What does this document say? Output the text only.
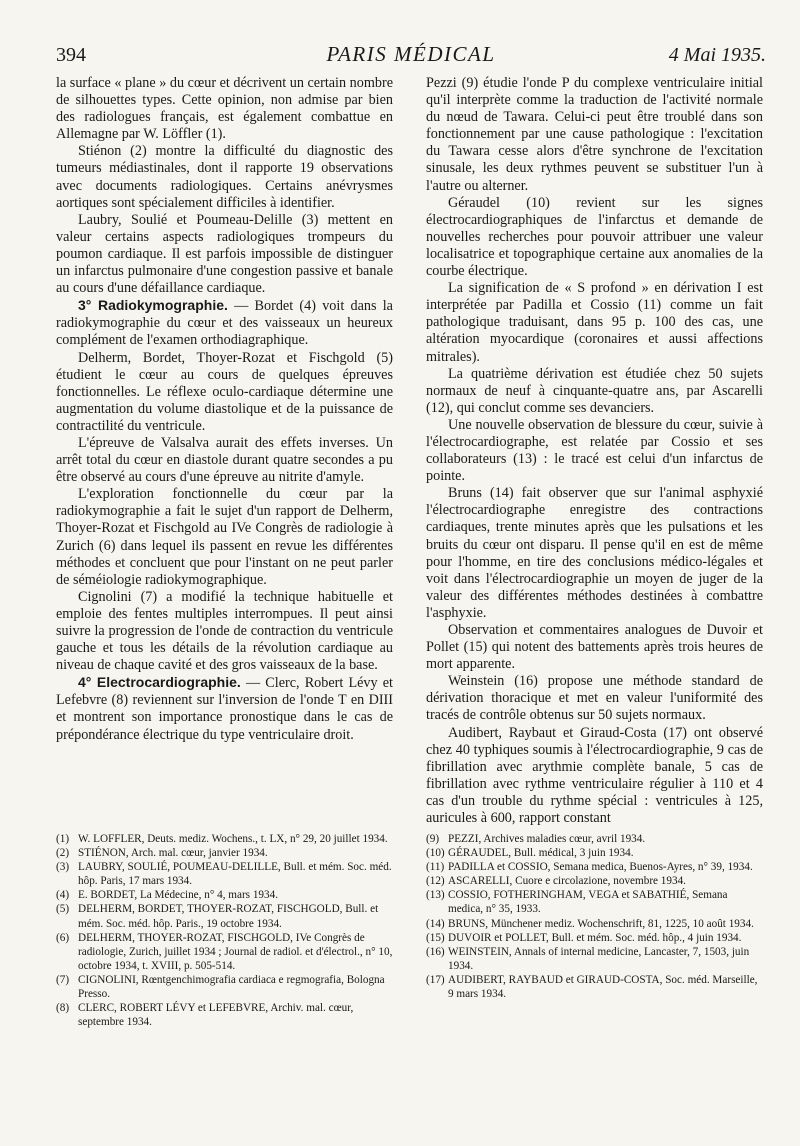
394	PARIS MÉDICAL	4 Mai 1935.

la surface « plane » du cœur et décrivent un certain nombre de silhouettes types. Cette opinion, non admise par bien des radiologues français, est également combattue en Allemagne par W. Löffler (1).

Stiénon (2) montre la difficulté du diagnostic des tumeurs médiastinales, dont il rapporte 19 observations avec documents radiologiques. Certains anévrysmes aortiques sont spécialement difficiles à identifier.

Laubry, Soulié et Poumeau-Delille (3) mettent en valeur certains aspects radiologiques trompeurs du poumon cardiaque. Il est parfois impossible de distinguer un infarctus pulmonaire d'une congestion passive et banale au cours d'une défaillance cardiaque.

3° Radiokymographie. — Bordet (4) voit dans la radiokymographie du cœur et des vaisseaux un heureux complément de l'examen orthodiagraphique.

Delherm, Bordet, Thoyer-Rozat et Fischgold (5) étudient le cœur au cours de quelques épreuves fonctionnelles. Le réflexe oculo-cardiaque détermine une augmentation du volume diastolique et de la puissance de contractilité du ventricule.

L'épreuve de Valsalva aurait des effets inverses. Un arrêt total du cœur en diastole durant quatre secondes a pu être observé au cours d'une épreuve au nitrite d'amyle.

L'exploration fonctionnelle du cœur par la radiokymographie a fait le sujet d'un rapport de Delherm, Thoyer-Rozat et Fischgold au IVe Congrès de radiologie à Zurich (6) dans lequel ils passent en revue les différentes méthodes et concluent que pour l'instant on ne peut parler de séméiologie radiokymographique.

Cignolini (7) a modifié la technique habituelle et emploie des fentes multiples interrompues. Il peut ainsi suivre la progression de l'onde de contraction du ventricule gauche et tous les détails de la révolution cardiaque au niveau de chaque cavité et des gros vaisseaux de la base.

4° Electrocardiographie. — Clerc, Robert Lévy et Lefebvre (8) reviennent sur l'inversion de l'onde T en DIII et montrent son importance pronostique dans le cas de prépondérance électrique du type ventriculaire droit.

Pezzi (9) étudie l'onde P du complexe ventriculaire initial qu'il interprète comme la traduction de l'activité normale du nœud de Tawara. Celui-ci peut être troublé dans son fonctionnement par une cause pathologique : l'excitation du Tawara cesse alors d'être synchrone de l'excitation sinusale, les deux rythmes peuvent se substituer l'un à l'autre ou alterner.

Géraudel (10) revient sur les signes électrocardiographiques de l'infarctus et demande de nouvelles recherches pour pouvoir attribuer une valeur localisatrice et topographique certaine aux anomalies de la courbe électrique.

La signification de « S profond » en dérivation I est interprétée par Padilla et Cossio (11) comme un fait pathologique traduisant, dans 95 p. 100 des cas, une altération myocardique (coronaires et aussi affections mitrales).

La quatrième dérivation est étudiée chez 50 sujets normaux de neuf à cinquante-quatre ans, par Ascarelli (12), qui conclut comme ses devanciers.

Une nouvelle observation de blessure du cœur, suivie à l'électrocardiographe, est relatée par Cossio et ses collaborateurs (13) : le tracé est celui d'un infarctus de pointe.

Bruns (14) fait observer que sur l'animal asphyxié l'électrocardiographe enregistre des contractions cardiaques, trente minutes après que les pulsations et les bruits du cœur ont disparu. Il pense qu'il en est de même pour l'homme, en tire des conclusions médico-légales et voit dans l'électrocardiographie un moyen de juger de la valeur des différentes méthodes destinées à combattre l'asphyxie.

Observation et commentaires analogues de Duvoir et Pollet (15) qui notent des battements après trois heures de mort apparente.

Weinstein (16) propose une méthode standard de dérivation thoracique et met en valeur l'uniformité des tracés de contrôle obtenus sur 50 sujets normaux.

Audibert, Raybaut et Giraud-Costa (17) ont observé chez 40 typhiques soumis à l'électrocardiographie, 9 cas de fibrillation avec arythmie complète banale, 5 cas de fibrillation avec rythme ventriculaire régulier à 110 et 4 cas d'un trouble du rythme spécial : ventricules à 125, auricules à 600, rapport constant

(1) W. LOFFLER, Deuts. mediz. Wochens., t. LX, n° 29, 20 juillet 1934.

(2) STIÉNON, Arch. mal. cœur, janvier 1934.

(3) LAUBRY, SOULIÉ, POUMEAU-DELILLE, Bull. et mém. Soc. méd. hôp. Paris, 17 mars 1934.

(4) E. BORDET, La Médecine, n° 4, mars 1934.

(5) DELHERM, BORDET, THOYER-ROZAT, FISCHGOLD, Bull. et mém. Soc. méd. hôp. Paris., 19 octobre 1934.

(6) DELHERM, THOYER-ROZAT, FISCHGOLD, IVe Congrès de radiologie, Zurich, juillet 1934 ; Journal de radiol. et d'électrol., n° 10, octobre 1934, t. XVIII, p. 505-514.

(7) CIGNOLINI, Rœntgenchimografia cardiaca e regmografia, Bologna Presso.

(8) CLERC, ROBERT LÉVY et LEFEBVRE, Archiv. mal. cœur, septembre 1934.

(9) PEZZI, Archives maladies cœur, avril 1934.

(10) GÉRAUDEL, Bull. médical, 3 juin 1934.

(11) PADILLA et COSSIO, Semana medica, Buenos-Ayres, n° 39, 1934.

(12) ASCARELLI, Cuore e circolazione, novembre 1934.

(13) COSSIO, FOTHERINGHAM, VEGA et SABATHIÉ, Semana medica, n° 35, 1933.

(14) BRUNS, Münchener mediz. Wochenschrift, 81, 1225, 10 août 1934.

(15) DUVOIR et POLLET, Bull. et mém. Soc. méd. hôp., 4 juin 1934.

(16) WEINSTEIN, Annals of internal medicine, Lancaster, 7, 1503, juin 1934.

(17) AUDIBERT, RAYBAUD et GIRAUD-COSTA, Soc. méd. Marseille, 9 mars 1934.
